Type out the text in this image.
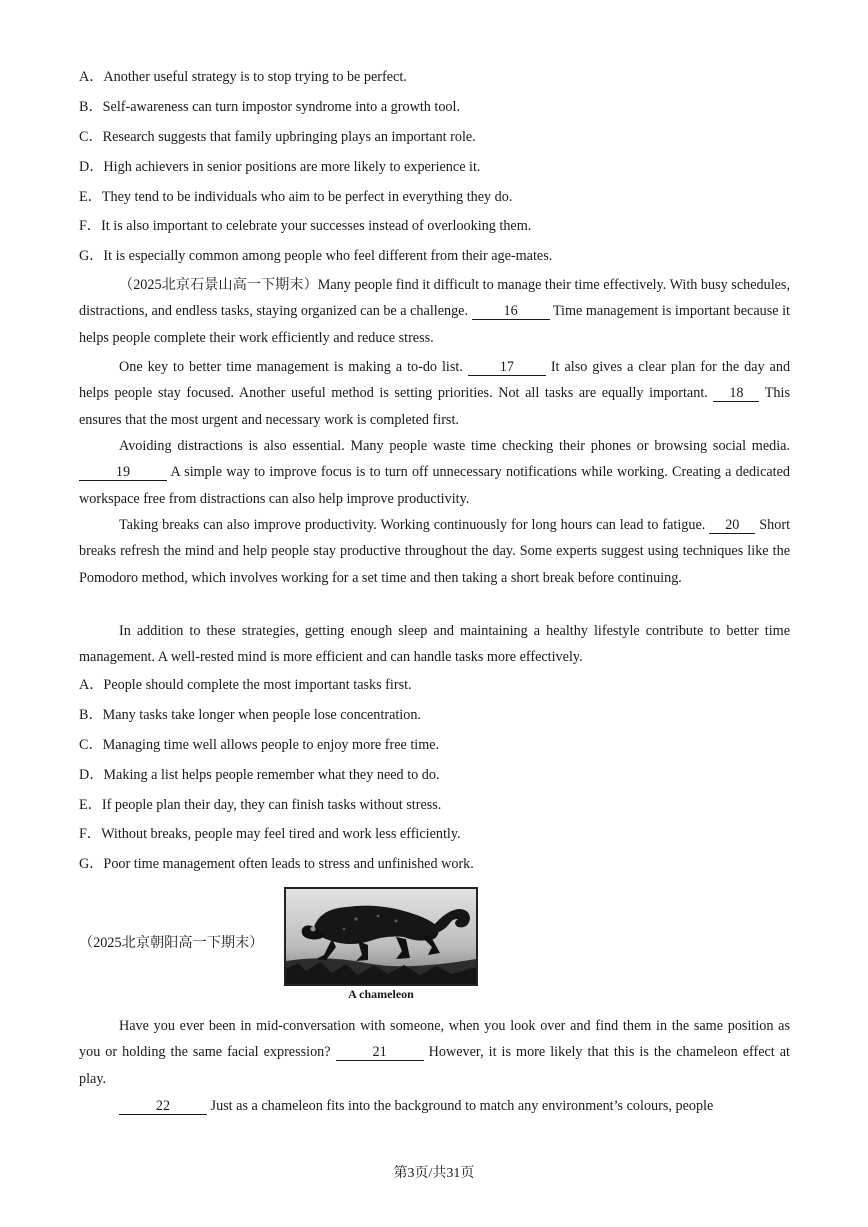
A．Another useful strategy is to stop trying to be perfect.
B．Self-awareness can turn impostor syndrome into a growth tool.
C．Research suggests that family upbringing plays an important role.
D．High achievers in senior positions are more likely to experience it.
E．They tend to be individuals who aim to be perfect in everything they do.
F．It is also important to celebrate your successes instead of overlooking them.
G．It is especially common among people who feel different from their age-mates.
（2025北京石景山高一下期末）Many people find it difficult to manage their time effectively. With busy schedules, distractions, and endless tasks, staying organized can be a challenge. 16 Time management is important because it helps people complete their work efficiently and reduce stress.
One key to better time management is making a to-do list.	17	It also gives a clear plan for the day and helps people stay focused. Another useful method is setting priorities. Not all tasks are equally important. 18 This ensures that the most urgent and necessary work is completed first.
Avoiding distractions is also essential. Many people waste time checking their phones or browsing social media. 19	A simple way to improve focus is to turn off unnecessary notifications while working. Creating a dedicated workspace free from distractions can also help improve productivity.
Taking breaks can also improve productivity. Working continuously for long hours can lead to fatigue. 20 Short breaks refresh the mind and help people stay productive throughout the day. Some experts suggest using techniques like the Pomodoro method, which involves working for a set time and then taking a short break before continuing.
In addition to these strategies, getting enough sleep and maintaining a healthy lifestyle contribute to better time management. A well-rested mind is more efficient and can handle tasks more effectively.
A．People should complete the most important tasks first.
B．Many tasks take longer when people lose concentration.
C．Managing time well allows people to enjoy more free time.
D．Making a list helps people remember what they need to do.
E．If people plan their day, they can finish tasks without stress.
F．Without breaks, people may feel tired and work less efficiently.
G．Poor time management often leads to stress and unfinished work.
（2025北京朝阳高一下期末）
A chameleon
Have you ever been in mid-conversation with someone, when you look over and find them in the same position as you or holding the same facial expression?	21	However, it is more likely that this is the chameleon effect at play.
22	Just as a chameleon fits into the background to match any environment’s colours, people
第3页/共31页
